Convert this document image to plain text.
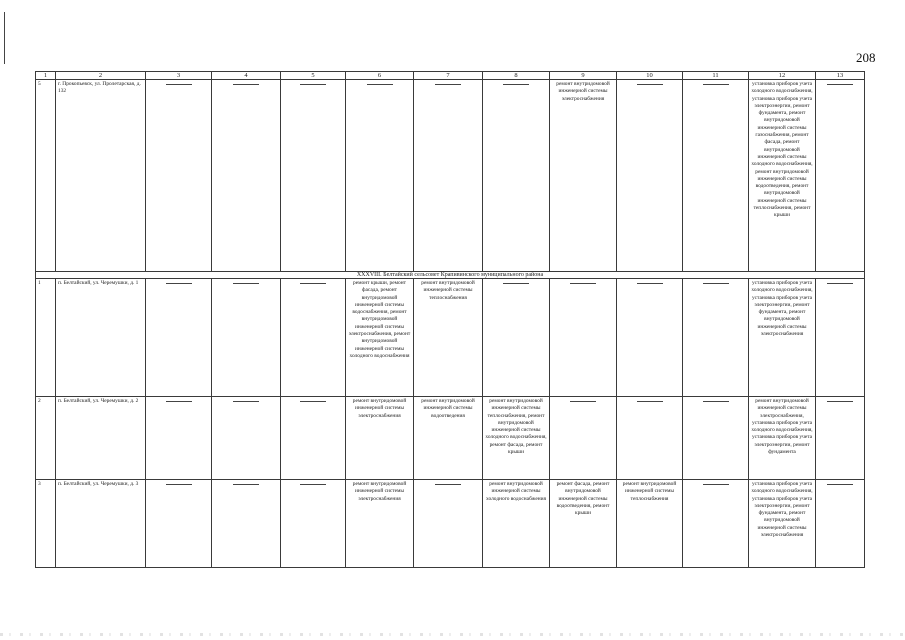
208
1	2	3	4	5	6	7	8	9	10	11	12	13
5	г. Прокопьевск, ул. Пролетарская, д. 132							ремонт внутридомовой инженерной системы электроснабжения			установка приборов учета холодного водоснабжения, установка приборов учета электроэнергии, ремонт фундамента, ремонт внутридомовой инженерной системы газоснабжения, ремонт фасада, ремонт внутридомовой инженерной системы холодного водоснабжения, ремонт внутридомовой инженерной системы водоотведения, ремонт внутридомовой инженерной системы теплоснабжения, ремонт крыши	

XXXVIII. Белтайский сельсовет Крапивинского муниципального района												
1	п. Белтайский, ул. Черемушки, д. 1				ремонт крыши, ремонт фасада, ремонт внутридомовой инженерной системы водоснабжения, ремонт внутридомовой инженерной системы электроснабжения, ремонт внутридомовой инженерной системы холодного водоснабжения	ремонт внутридомовой инженерной системы теплоснабжения					установка приборов учета холодного водоснабжения, установка приборов учета электроэнергии, ремонт фундамента, ремонт внутридомовой инженерной системы электроснабжения	

2	п. Белтайский, ул. Черемушки, д. 2				ремонт внутридомовой инженерной системы электроснабжения	ремонт внутридомовой инженерной системы водоотведения	ремонт внутридомовой инженерной системы теплоснабжения, ремонт внутридомовой инженерной системы холодного водоснабжения, ремонт фасада, ремонт крыши				ремонт внутридомовой инженерной системы электроснабжения, установка приборов учета холодного водоснабжения, установка приборов учета электроэнергии, ремонт фундамента	

3	п. Белтайский, ул. Черемушки, д. 3				ремонт внутридомовой инженерной системы электроснабжения		ремонт внутридомовой инженерной системы холодного водоснабжения	ремонт фасада, ремонт внутридомовой инженерной системы водоотведения, ремонт крыши	ремонт внутридомовой инженерной системы теплоснабжения		установка приборов учета холодного водоснабжения, установка приборов учета электроэнергии, ремонт фундамента, ремонт внутридомовой инженерной системы электроснабжения	
